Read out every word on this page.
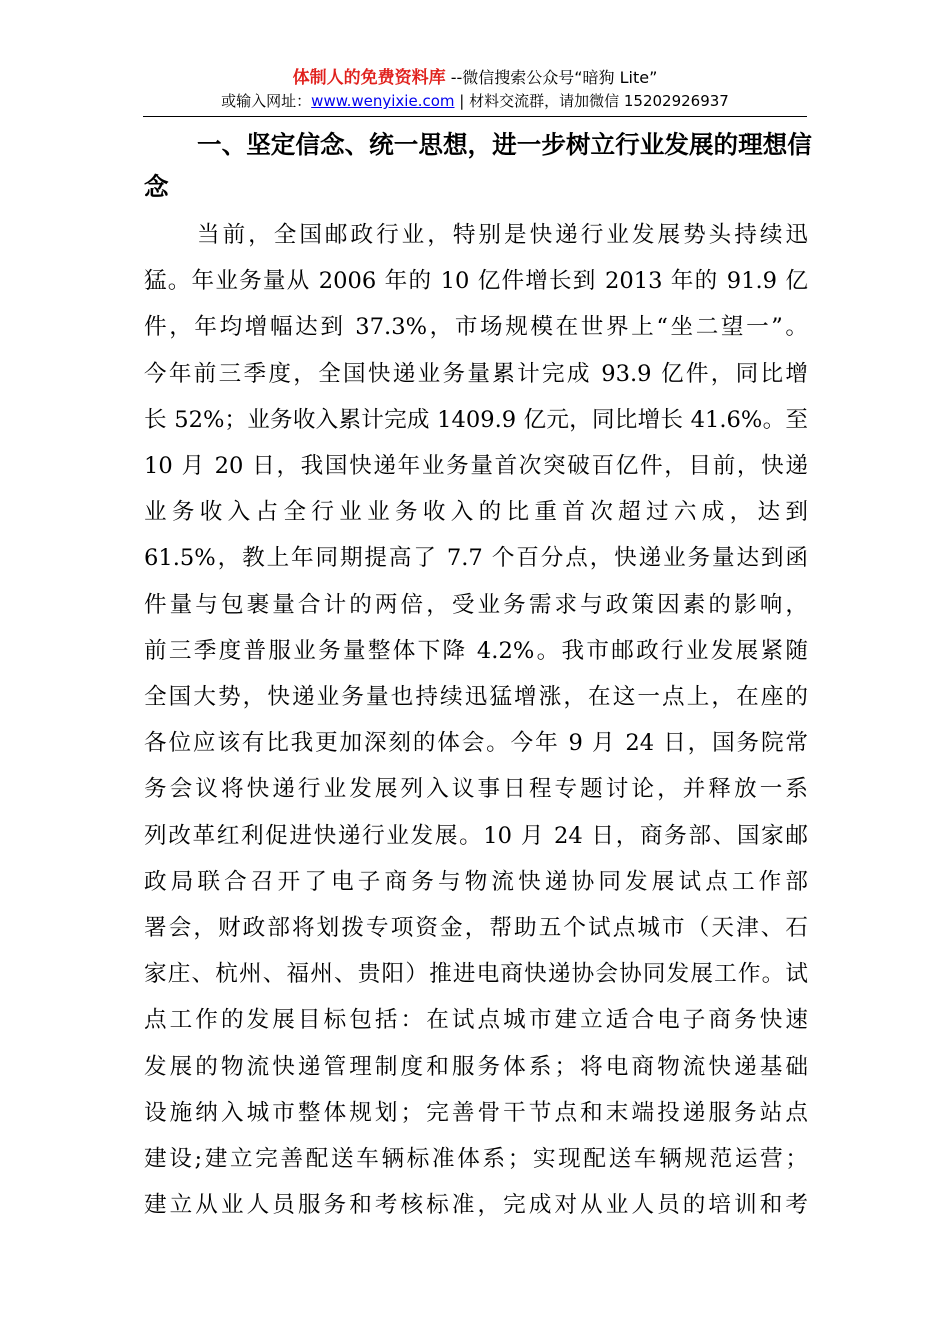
体制人的免费资料库 --微信搜索公众号“暗狗 Lite”
或输入网址：www.wenyixie.com | 材料交流群，请加微信 15202926937
一、坚定信念、统一思想，进一步树立行业发展的理想信
念
当前，全国邮政行业，特别是快递行业发展势头持续迅
猛。年业务量从 2006 年的 10 亿件增长到 2013 年的 91.9 亿
件，年均增幅达到 37.3%，市场规模在世界上“坐二望一”。
今年前三季度，全国快递业务量累计完成 93.9 亿件，同比增
长 52%；业务收入累计完成 1409.9 亿元，同比增长 41.6%。至
10 月 20 日，我国快递年业务量首次突破百亿件，目前，快递
业务收入占全行业业务收入的比重首次超过六成，达到
61.5%，教上年同期提高了 7.7 个百分点，快递业务量达到函
件量与包裹量合计的两倍，受业务需求与政策因素的影响，
前三季度普服业务量整体下降 4.2%。我市邮政行业发展紧随
全国大势，快递业务量也持续迅猛增涨，在这一点上，在座的
各位应该有比我更加深刻的体会。今年 9 月 24 日，国务院常
务会议将快递行业发展列入议事日程专题讨论，并释放一系
列改革红利促进快递行业发展。10 月 24 日，商务部、国家邮
政局联合召开了电子商务与物流快递协同发展试点工作部
署会，财政部将划拨专项资金，帮助五个试点城市（天津、石
家庄、杭州、福州、贵阳）推进电商快递协会协同发展工作。试
点工作的发展目标包括：在试点城市建立适合电子商务快速
发展的物流快递管理制度和服务体系；将电商物流快递基础
设施纳入城市整体规划；完善骨干节点和末端投递服务站点
建设;建立完善配送车辆标准体系；实现配送车辆规范运营；
建立从业人员服务和考核标准，完成对从业人员的培训和考
